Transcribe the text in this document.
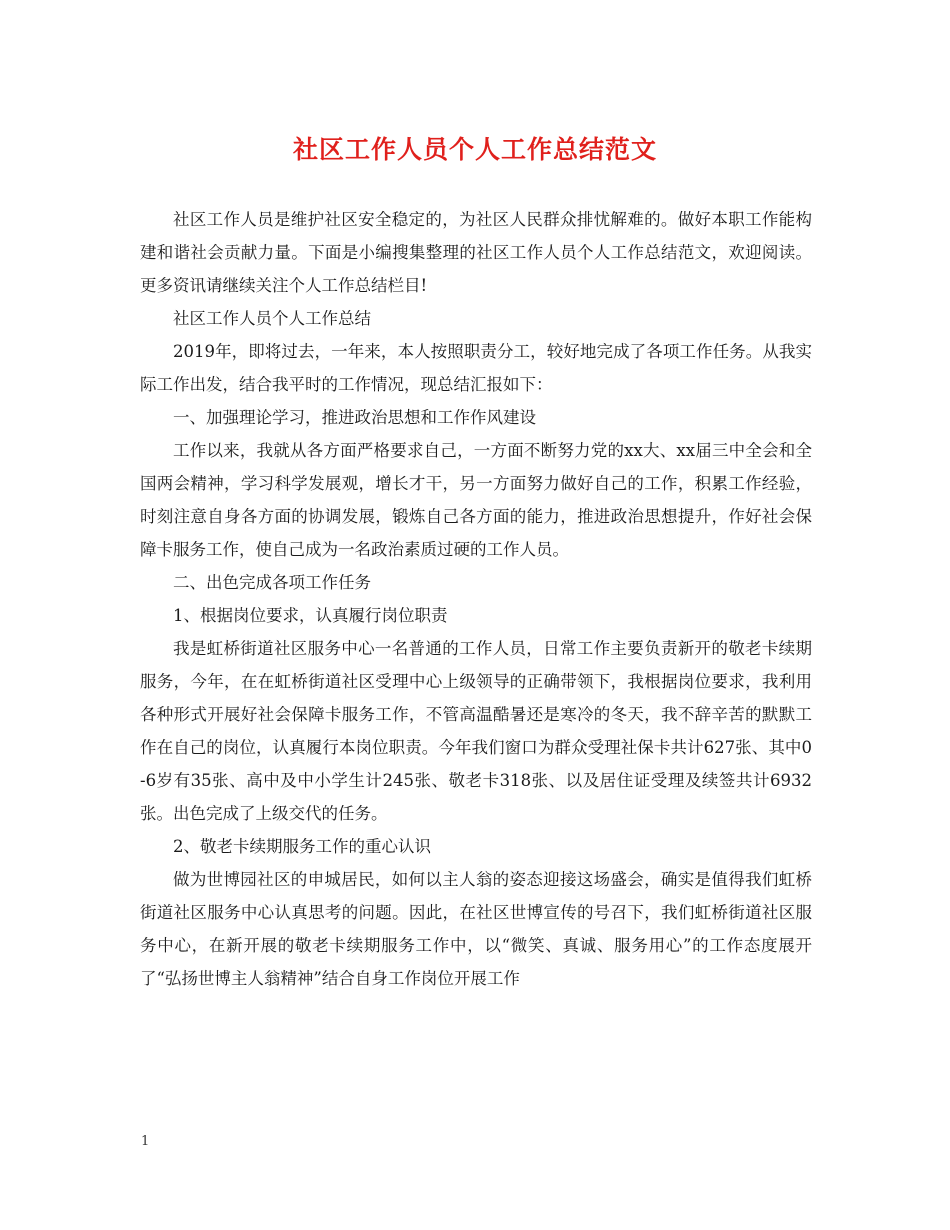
社区工作人员个人工作总结范文

社区工作人员是维护社区安全稳定的，为社区人民群众排忧解难的。做好本职工作能构建和谐社会贡献力量。下面是小编搜集整理的社区工作人员个人工作总结范文，欢迎阅读。更多资讯请继续关注个人工作总结栏目!

社区工作人员个人工作总结

2019年，即将过去，一年来，本人按照职责分工，较好地完成了各项工作任务。从我实际工作出发，结合我平时的工作情况，现总结汇报如下：

一、加强理论学习，推进政治思想和工作作风建设

工作以来，我就从各方面严格要求自己，一方面不断努力党的xx大、xx届三中全会和全国两会精神，学习科学发展观，增长才干，另一方面努力做好自己的工作，积累工作经验，时刻注意自身各方面的协调发展，锻炼自己各方面的能力，推进政治思想提升，作好社会保障卡服务工作，使自己成为一名政治素质过硬的工作人员。

二、出色完成各项工作任务

1、根据岗位要求，认真履行岗位职责

我是虹桥街道社区服务中心一名普通的工作人员，日常工作主要负责新开的敬老卡续期服务，今年，在在虹桥街道社区受理中心上级领导的正确带领下，我根据岗位要求，我利用各种形式开展好社会保障卡服务工作，不管高温酷暑还是寒冷的冬天，我不辞辛苦的默默工作在自己的岗位，认真履行本岗位职责。今年我们窗口为群众受理社保卡共计627张、其中0-6岁有35张、高中及中小学生计245张、敬老卡318张、以及居住证受理及续签共计6932张。出色完成了上级交代的任务。

2、敬老卡续期服务工作的重心认识

做为世博园社区的申城居民，如何以主人翁的姿态迎接这场盛会，确实是值得我们虹桥街道社区服务中心认真思考的问题。因此，在社区世博宣传的号召下，我们虹桥街道社区服务中心，在新开展的敬老卡续期服务工作中，以“微笑、真诚、服务用心”的工作态度展开了“弘扬世博主人翁精神”结合自身工作岗位开展工作

1
